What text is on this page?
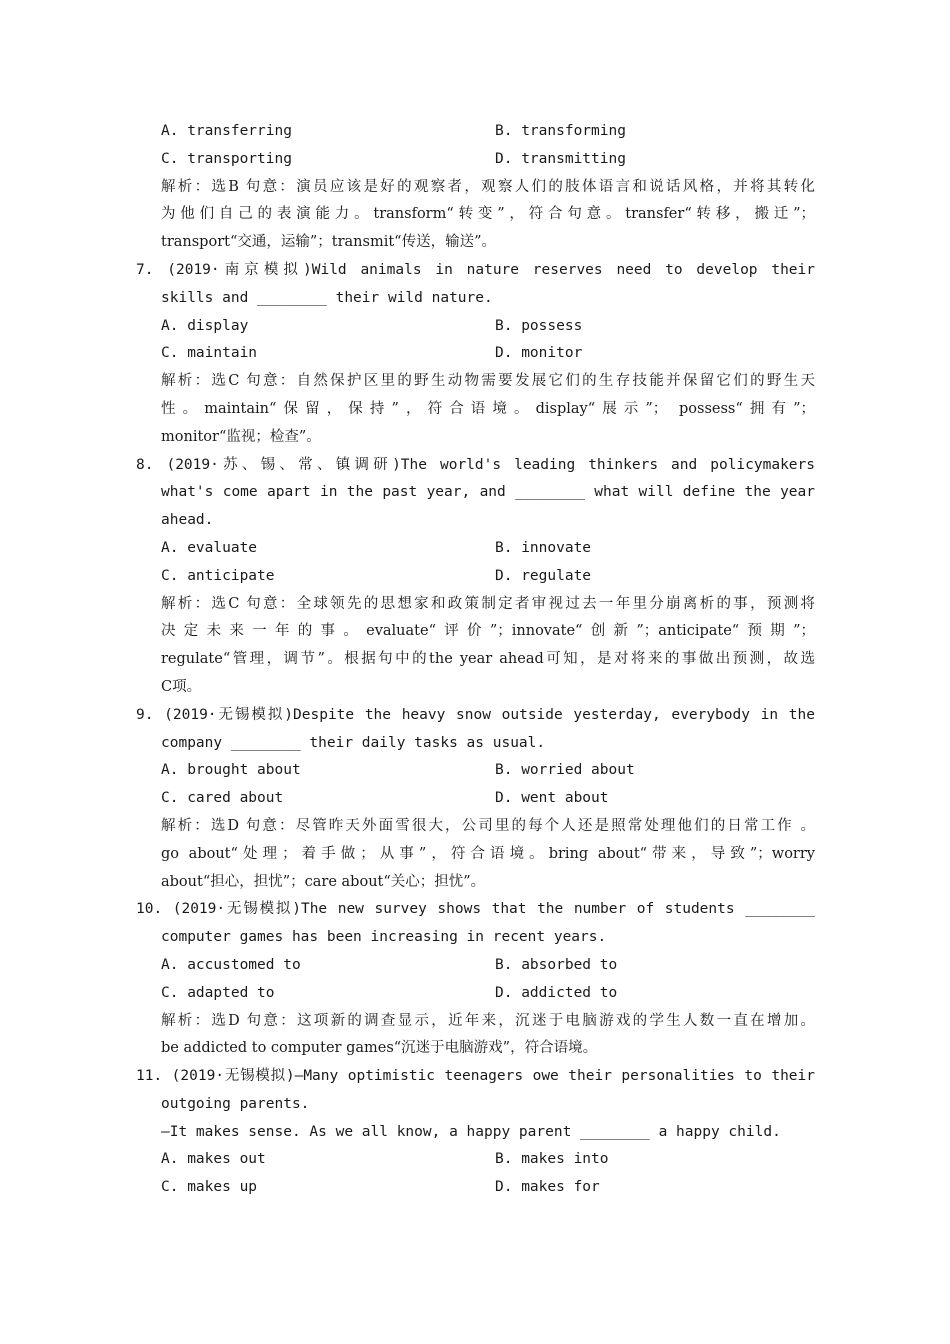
A. transferring	B. transforming
C. transporting	D. transmitting
解析：选B 句意：演员应该是好的观察者，观察人们的肢体语言和说话风格，并将其转化
为他们自己的表演能力。transform“转变”，符合句意。transfer“转移，搬迁”；
transport“交通，运输”；transmit“传送，输送”。
7. (2019·南京模拟)Wild animals in nature reserves need to develop their
skills and ________ their wild nature.
A. display	B. possess
C. maintain	D. monitor
解析：选C 句意：自然保护区里的野生动物需要发展它们的生存技能并保留它们的野生天
性。maintain“保留，保持”，符合语境。display“展示”； possess“拥有”；
monitor“监视；检查”。
8. (2019·苏、锡、常、镇调研)The world's leading thinkers and policymakers
what's come apart in the past year, and ________ what will define the year
ahead.
A. evaluate	B. innovate
C. anticipate	D. regulate
解析：选C 句意：全球领先的思想家和政策制定者审视过去一年里分崩离析的事，预测将
决定未来一年的事。evaluate“评价”；innovate“创新”；anticipate“预期”；
regulate“管理，调节”。根据句中的the year ahead可知，是对将来的事做出预测，故选
C项。
9. (2019·无锡模拟)Despite the heavy snow outside yesterday, everybody in the
company ________ their daily tasks as usual.
A. brought about	B. worried about
C. cared about	D. went about
解析：选D 句意：尽管昨天外面雪很大，公司里的每个人还是照常处理他们的日常工作 。
go about“处理；着手做；从事”，符合语境。bring about“带来，导致”；worry
about“担心，担忧”；care about“关心；担忧”。
10. (2019·无锡模拟)The new survey shows that the number of students ________
computer games has been increasing in recent years.
A. accustomed to	B. absorbed to
C. adapted to	D. addicted to
解析：选D 句意：这项新的调查显示，近年来，沉迷于电脑游戏的学生人数一直在增加。
be addicted to computer games“沉迷于电脑游戏”，符合语境。
11. (2019·无锡模拟)—Many optimistic teenagers owe their personalities to their
outgoing parents.
—It makes sense. As we all know, a happy parent ________ a happy child.
A. makes out	B. makes into
C. makes up	D. makes for
